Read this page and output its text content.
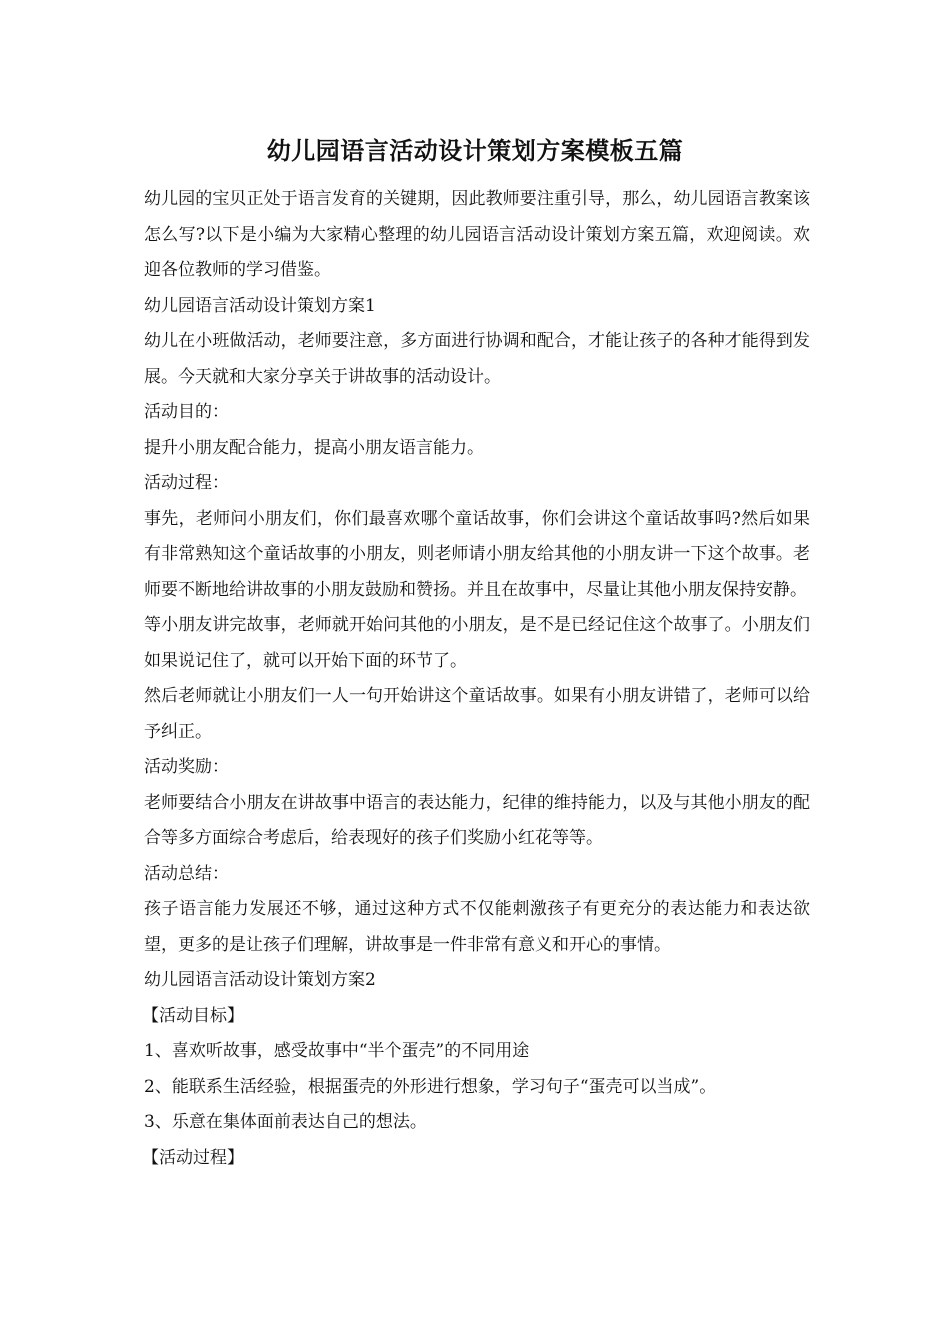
幼儿园语言活动设计策划方案模板五篇

幼儿园的宝贝正处于语言发育的关键期，因此教师要注重引导，那么，幼儿园语言教案该怎么写?以下是小编为大家精心整理的幼儿园语言活动设计策划方案五篇，欢迎阅读。欢迎各位教师的学习借鉴。

幼儿园语言活动设计策划方案1

幼儿在小班做活动，老师要注意，多方面进行协调和配合，才能让孩子的各种才能得到发展。今天就和大家分享关于讲故事的活动设计。

活动目的：

提升小朋友配合能力，提高小朋友语言能力。

活动过程：

事先，老师问小朋友们，你们最喜欢哪个童话故事，你们会讲这个童话故事吗?然后如果有非常熟知这个童话故事的小朋友，则老师请小朋友给其他的小朋友讲一下这个故事。老师要不断地给讲故事的小朋友鼓励和赞扬。并且在故事中，尽量让其他小朋友保持安静。

等小朋友讲完故事，老师就开始问其他的小朋友，是不是已经记住这个故事了。小朋友们如果说记住了，就可以开始下面的环节了。

然后老师就让小朋友们一人一句开始讲这个童话故事。如果有小朋友讲错了，老师可以给予纠正。

活动奖励：

老师要结合小朋友在讲故事中语言的表达能力，纪律的维持能力，以及与其他小朋友的配合等多方面综合考虑后，给表现好的孩子们奖励小红花等等。

活动总结：

孩子语言能力发展还不够，通过这种方式不仅能刺激孩子有更充分的表达能力和表达欲望，更多的是让孩子们理解，讲故事是一件非常有意义和开心的事情。

幼儿园语言活动设计策划方案2

【活动目标】

1、喜欢听故事，感受故事中“半个蛋壳”的不同用途

2、能联系生活经验，根据蛋壳的外形进行想象，学习句子“蛋壳可以当成”。

3、乐意在集体面前表达自己的想法。

【活动过程】
